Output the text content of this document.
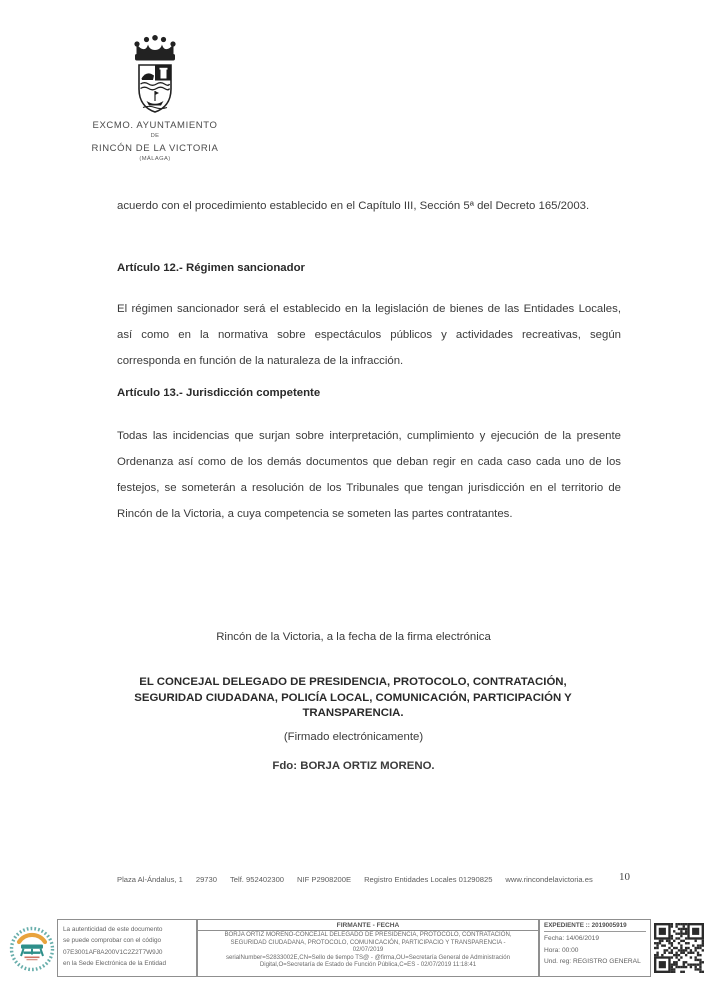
EXCMO. AYUNTAMIENTO
DE
RINCÓN DE LA VICTORIA
(MÁLAGA)

acuerdo con el procedimiento establecido en el Capítulo III, Sección 5ª del Decreto 165/2003.

Artículo 12.- Régimen sancionador

El régimen sancionador será el establecido en la legislación de bienes de las Entidades Locales, así como en la normativa sobre espectáculos públicos y actividades recreativas, según corresponda en función de la naturaleza de la infracción.

Artículo 13.- Jurisdicción competente

Todas las incidencias que surjan sobre interpretación, cumplimiento y ejecución de la presente Ordenanza así como de los demás documentos que deban regir en cada caso cada uno de los festejos, se someterán a resolución de los Tribunales que tengan jurisdicción en el territorio de Rincón de la Victoria, a cuya competencia se someten las partes contratantes.

Rincón de la Victoria, a la fecha de la firma electrónica
EL CONCEJAL DELEGADO DE PRESIDENCIA, PROTOCOLO, CONTRATACIÓN,
SEGURIDAD CIUDADANA, POLICÍA LOCAL, COMUNICACIÓN, PARTICIPACIÓN Y
TRANSPARENCIA.
(Firmado electrónicamente)
Fdo: BORJA ORTIZ MORENO.
Plaza Al-Ándalus, 1 29730 Telf. 952402300 NIF P2908200E Registro Entidades Locales 01290825 www.rincondelavictoria.es 10
La autenticidad de este documento
se puede comprobar con el código
07E3001AF8A200V1C2Z2T7W9J0
en la Sede Electrónica de la Entidad
FIRMANTE - FECHA
BORJA ORTIZ MORENO-CONCEJAL DELEGADO DE PRESIDENCIA, PROTOCOLO, CONTRATACIÓN,
SEGURIDAD CIUDADANA, PROTOCOLO, COMUNICACIÓN, PARTICIPACIO Y TRANSPARENCIA -
02/07/2019
serialNumber=S2833002E,CN=Sello de tiempo TS@ - @firma,OU=Secretaría General de Administración
Digital,O=Secretaría de Estado de Función Pública,C=ES - 02/07/2019 11:18:41
EXPEDIENTE :: 2019005919
Fecha: 14/06/2019
Hora: 00:00
Und. reg: REGISTRO GENERAL
